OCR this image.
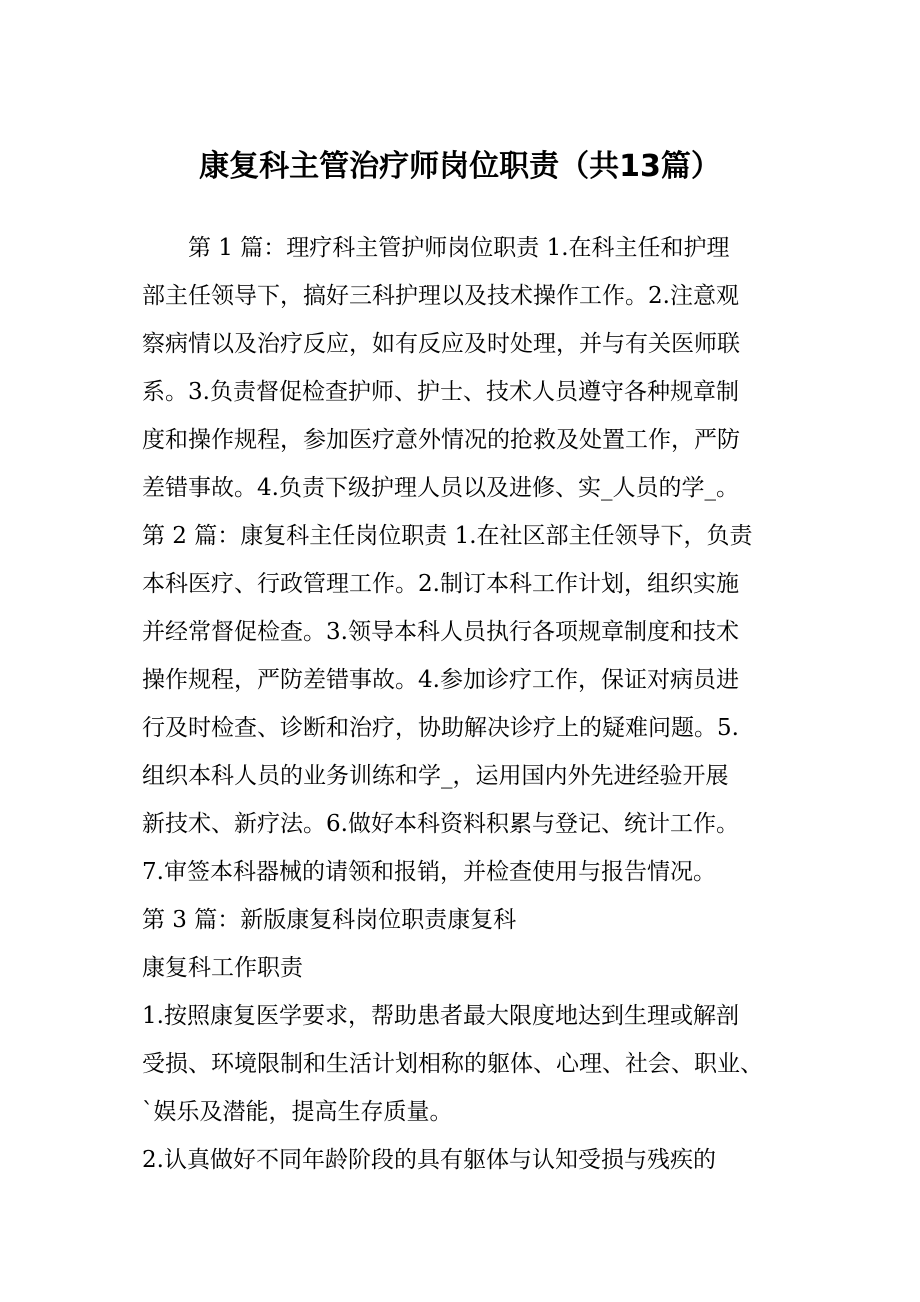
康复科主管治疗师岗位职责（共13篇）
　　第 1 篇：理疗科主管护师岗位职责 1.在科主任和护理
部主任领导下，搞好三科护理以及技术操作工作。2.注意观
察病情以及治疗反应，如有反应及时处理，并与有关医师联
系。3.负责督促检查护师、护士、技术人员遵守各种规章制
度和操作规程，参加医疗意外情况的抢救及处置工作，严防
差错事故。4.负责下级护理人员以及进修、实_人员的学_。
第 2 篇：康复科主任岗位职责 1.在社区部主任领导下，负责
本科医疗、行政管理工作。2.制订本科工作计划，组织实施
并经常督促检查。3.领导本科人员执行各项规章制度和技术
操作规程，严防差错事故。4.参加诊疗工作，保证对病员进
行及时检查、诊断和治疗，协助解决诊疗上的疑难问题。5.
组织本科人员的业务训练和学_，运用国内外先进经验开展
新技术、新疗法。6.做好本科资料积累与登记、统计工作。
7.审签本科器械的请领和报销，并检查使用与报告情况。
第 3 篇：新版康复科岗位职责康复科
康复科工作职责
1.按照康复医学要求，帮助患者最大限度地达到生理或解剖
受损、环境限制和生活计划相称的躯体、心理、社会、职业、
`娱乐及潜能，提高生存质量。
2.认真做好不同年龄阶段的具有躯体与认知受损与残疾的
